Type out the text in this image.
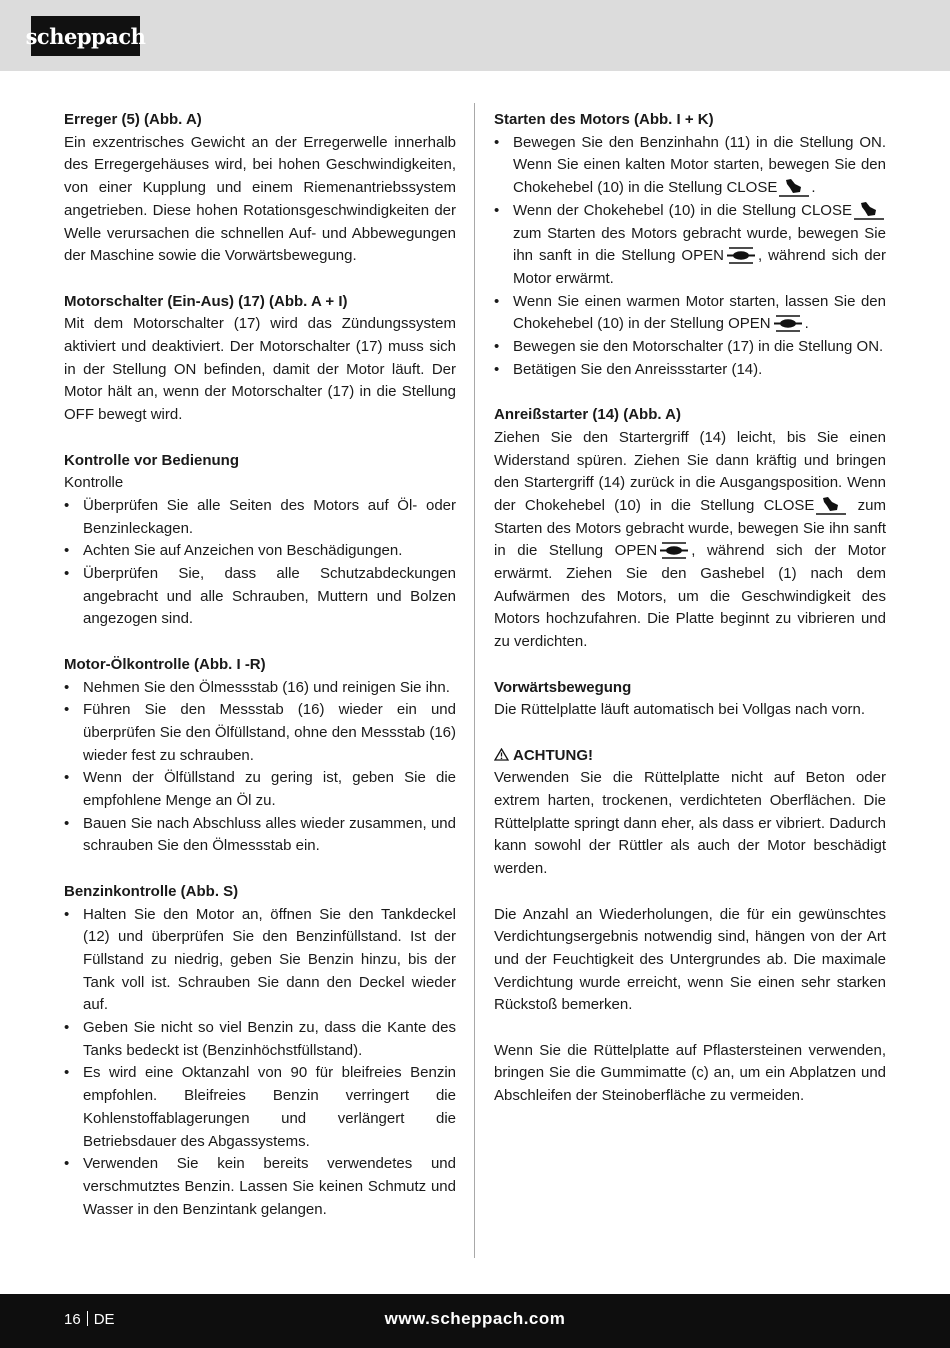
scheppach
Erreger (5) (Abb. A)

Ein exzentrisches Gewicht an der Erregerwelle innerhalb des Erregergehäuses wird, bei hohen Geschwindigkeiten, von einer Kupplung und einem Riemenantriebssystem angetrieben. Diese hohen Rotationsgeschwindigkeiten der Welle verursachen die schnellen Auf- und Abbewegungen der Maschine sowie die Vorwärtsbewegung.

Motorschalter (Ein-Aus) (17) (Abb. A + I)

Mit dem Motorschalter (17) wird das Zündungssystem aktiviert und deaktiviert. Der Motorschalter (17) muss sich in der Stellung ON befinden, damit der Motor läuft. Der Motor hält an, wenn der Motorschalter (17) in die Stellung OFF bewegt wird.

Kontrolle vor Bedienung
Kontrolle
• Überprüfen Sie alle Seiten des Motors auf Öl- oder Benzinleckagen.
• Achten Sie auf Anzeichen von Beschädigungen.
• Überprüfen Sie, dass alle Schutzabdeckungen angebracht und alle Schrauben, Muttern und Bolzen angezogen sind.
Motor-Ölkontrolle (Abb. I -R)
• Nehmen Sie den Ölmessstab (16) und reinigen Sie ihn.
• Führen Sie den Messstab (16) wieder ein und überprüfen Sie den Ölfüllstand, ohne den Messstab (16) wieder fest zu schrauben.
• Wenn der Ölfüllstand zu gering ist, geben Sie die empfohlene Menge an Öl zu.
• Bauen Sie nach Abschluss alles wieder zusammen, und schrauben Sie den Ölmessstab ein.
Benzinkontrolle (Abb. S)
• Halten Sie den Motor an, öffnen Sie den Tankdeckel (12) und überprüfen Sie den Benzinfüllstand. Ist der Füllstand zu niedrig, geben Sie Benzin hinzu, bis der Tank voll ist. Schrauben Sie dann den Deckel wieder auf.
• Geben Sie nicht so viel Benzin zu, dass die Kante des Tanks bedeckt ist (Benzinhöchstfüllstand).
• Es wird eine Oktanzahl von 90 für bleifreies Benzin empfohlen. Bleifreies Benzin verringert die Kohlenstoffablagerungen und verlängert die Betriebsdauer des Abgassystems.
• Verwenden Sie kein bereits verwendetes und verschmutztes Benzin. Lassen Sie keinen Schmutz und Wasser in den Benzintank gelangen.
Starten des Motors (Abb. I + K)
• Bewegen Sie den Benzinhahn (11) in die Stellung ON. Wenn Sie einen kalten Motor starten, bewegen Sie den Chokehebel (10) in die Stellung CLOSE .
• Wenn der Chokehebel (10) in die Stellung CLOSE zum Starten des Motors gebracht wurde, bewegen Sie ihn sanft in die Stellung OPEN , während sich der Motor erwärmt.
• Wenn Sie einen warmen Motor starten, lassen Sie den Chokehebel (10) in der Stellung OPEN .
• Bewegen sie den Motorschalter (17) in die Stellung ON.
• Betätigen Sie den Anreissstarter (14).
Anreißstarter (14) (Abb. A)

Ziehen Sie den Startergriff (14) leicht, bis Sie einen Widerstand spüren. Ziehen Sie dann kräftig und bringen den Startergriff (14) zurück in die Ausgangsposition. Wenn der Chokehebel (10) in die Stellung CLOSE zum Starten des Motors gebracht wurde, bewegen Sie ihn sanft in die Stellung OPEN , während sich der Motor erwärmt. Ziehen Sie den Gashebel (1) nach dem Aufwärmen des Motors, um die Geschwindigkeit des Motors hochzufahren. Die Platte beginnt zu vibrieren und zu verdichten.

Vorwärtsbewegung

Die Rüttelplatte läuft automatisch bei Vollgas nach vorn.

ACHTUNG!

Verwenden Sie die Rüttelplatte nicht auf Beton oder extrem harten, trockenen, verdichteten Oberflächen. Die Rüttelplatte springt dann eher, als dass er vibriert. Dadurch kann sowohl der Rüttler als auch der Motor beschädigt werden.

Die Anzahl an Wiederholungen, die für ein gewünschtes Verdichtungsergebnis notwendig sind, hängen von der Art und der Feuchtigkeit des Untergrundes ab. Die maximale Verdichtung wurde erreicht, wenn Sie einen sehr starken Rückstoß bemerken.

Wenn Sie die Rüttelplatte auf Pflastersteinen verwenden, bringen Sie die Gummimatte (c) an, um ein Abplatzen und Abschleifen der Steinoberfläche zu vermeiden.

16 DE	www.scheppach.com
